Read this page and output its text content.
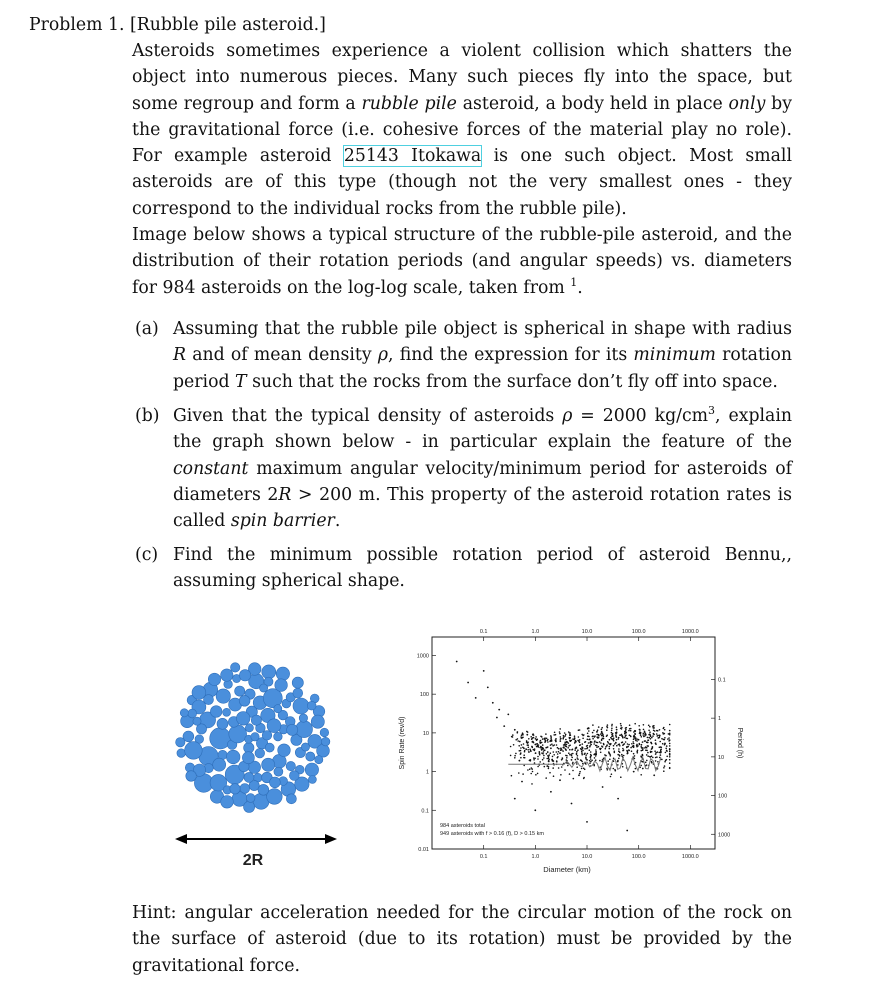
Problem 1. [Rubble pile asteroid.]
Asteroids sometimes experience a violent collision which shatters the object into numerous pieces. Many such pieces fly into the space, but some regroup and form a rubble pile asteroid, a body held in place only by the gravitational force (i.e. cohesive forces of the material play no role). For example asteroid 25143 Itokawa is one such object. Most small asteroids are of this type (though not the very smallest ones - they correspond to the individual rocks from the rubble pile).
Image below shows a typical structure of the rubble-pile asteroid, and the distribution of their rotation periods (and angular speeds) vs. diameters for 984 asteroids on the log-log scale, taken from $^1$.
(a) Assuming that the rubble pile object is spherical in shape with radius R and of mean density ρ, find the expression for its minimum rotation period T such that the rocks from the surface don’t fly off into space.
(b) Given that the typical density of asteroids ρ = 2000 $kg/cm^3$, explain the graph shown below - in particular explain the feature of the constant maximum angular velocity/minimum period for asteroids of diameters 2R > 200 m. This property of the asteroid rotation rates is called spin barrier.
(c) Find the minimum possible rotation period of asteroid Bennu,, assuming spherical shape.
2R	0.1	1.0	10.0	100.0	1000.0
0.1	1.0	10.0	100.0	1000.0
0.01
0.1
1
10
100
1000
0.1
1
10
100
1000
984 asteroids total
949 asteroids with f > 0.16 (f), D > 0.15 km
Diameter (km)
Spin Rate (rev/d)	Period (h)
Hint: angular acceleration needed for the circular motion of the rock on the surface of asteroid (due to its rotation) must be provided by the gravitational force.
